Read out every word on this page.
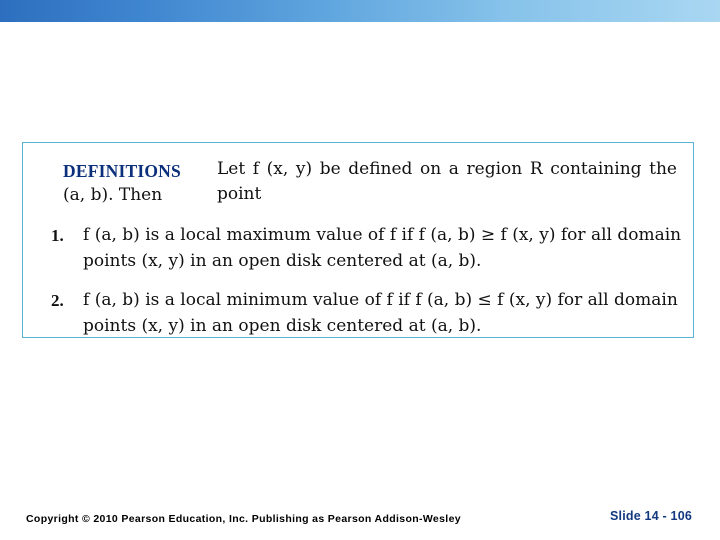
DEFINITIONS	Let f (x, y) be defined on a region R containing the point
(a, b). Then
1. f (a, b) is a local maximum value of f if f (a, b) ≥ f (x, y) for all domain
points (x, y) in an open disk centered at (a, b).
2. f (a, b) is a local minimum value of f if f (a, b) ≤ f (x, y) for all domain
points (x, y) in an open disk centered at (a, b).
Copyright © 2010 Pearson Education, Inc. Publishing as Pearson Addison-Wesley	Slide 14 - 106
